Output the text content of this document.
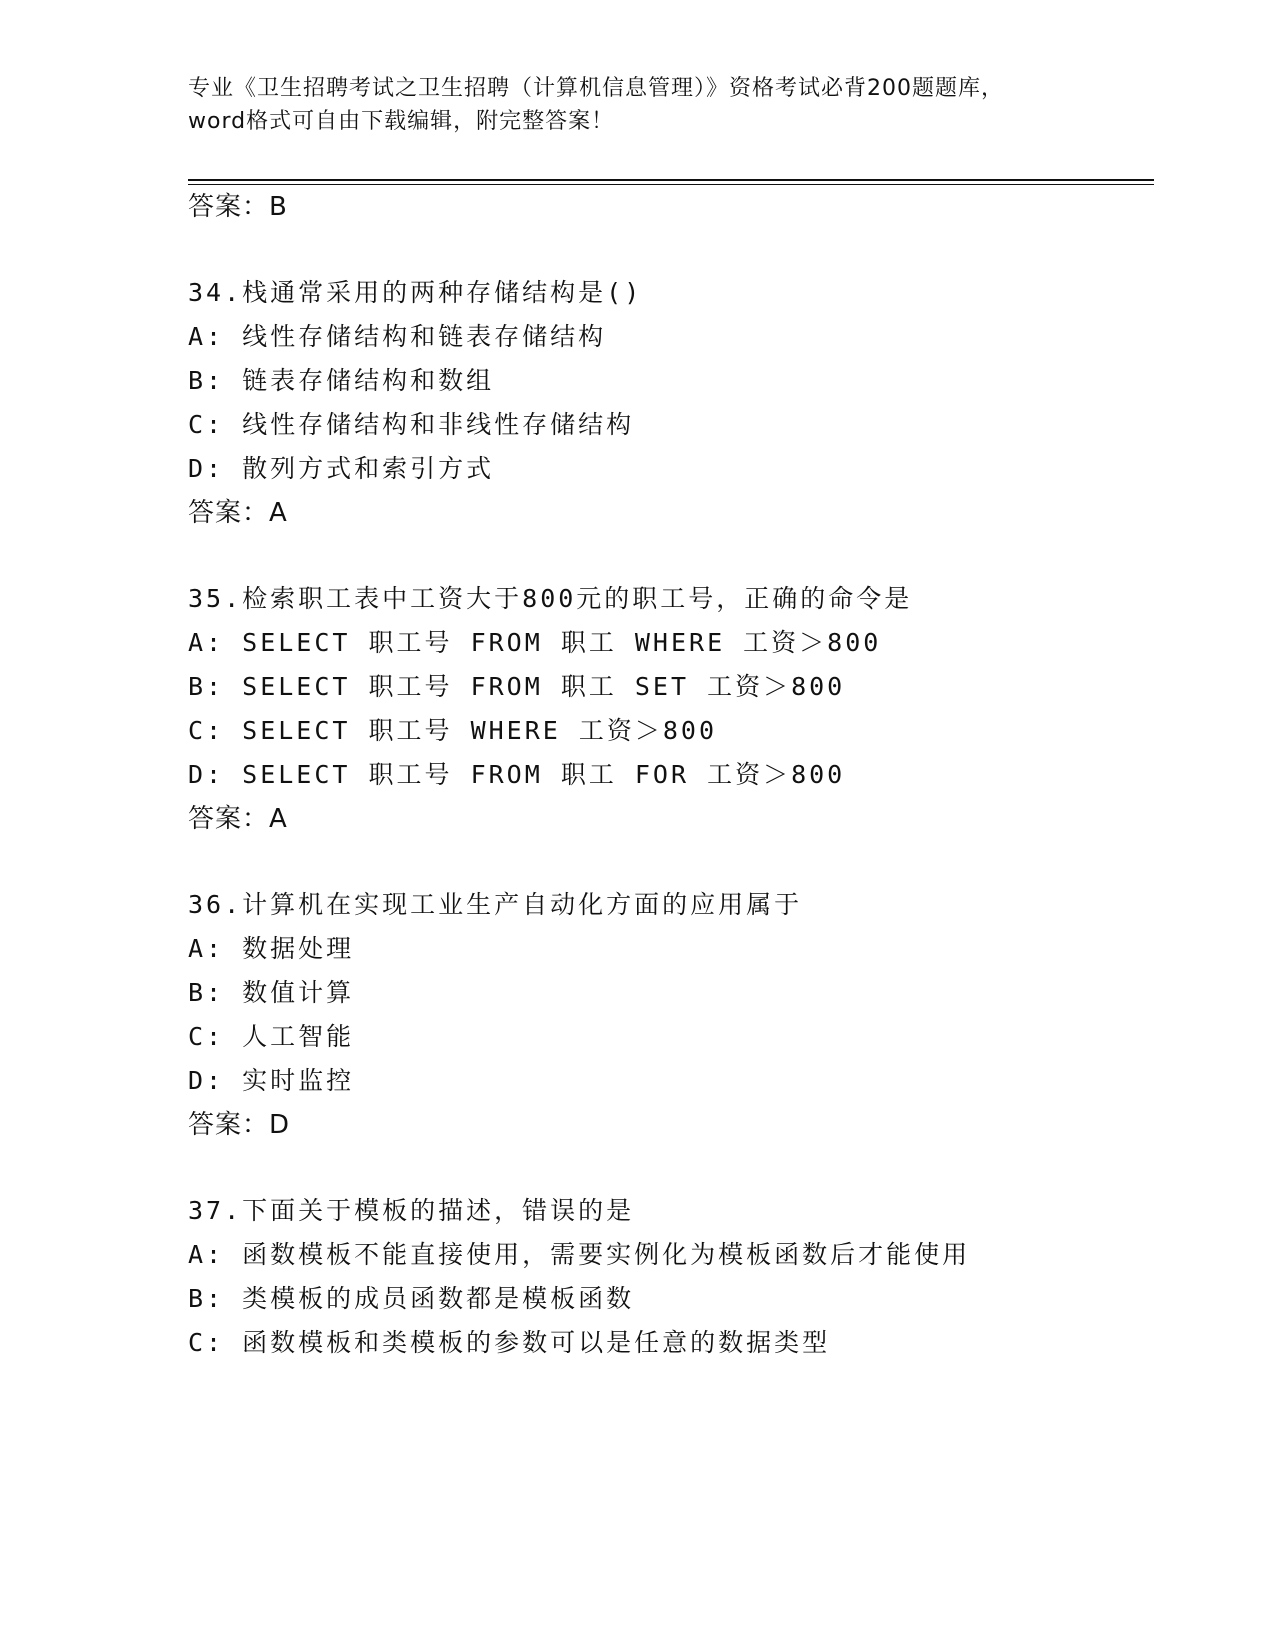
专业《卫生招聘考试之卫生招聘（计算机信息管理）》资格考试必背200题题库，
word格式可自由下载编辑，附完整答案！
答案：B
34.栈通常采用的两种存储结构是()
A: 线性存储结构和链表存储结构
B: 链表存储结构和数组
C: 线性存储结构和非线性存储结构
D: 散列方式和索引方式
答案：A
35.检索职工表中工资大于800元的职工号，正确的命令是
A: SELECT 职工号 FROM 职工 WHERE 工资＞800
B: SELECT 职工号 FROM 职工 SET 工资＞800
C: SELECT 职工号 WHERE 工资＞800
D: SELECT 职工号 FROM 职工 FOR 工资＞800
答案：A
36.计算机在实现工业生产自动化方面的应用属于
A: 数据处理
B: 数值计算
C: 人工智能
D: 实时监控
答案：D
37.下面关于模板的描述，错误的是
A: 函数模板不能直接使用，需要实例化为模板函数后才能使用
B: 类模板的成员函数都是模板函数
C: 函数模板和类模板的参数可以是任意的数据类型
